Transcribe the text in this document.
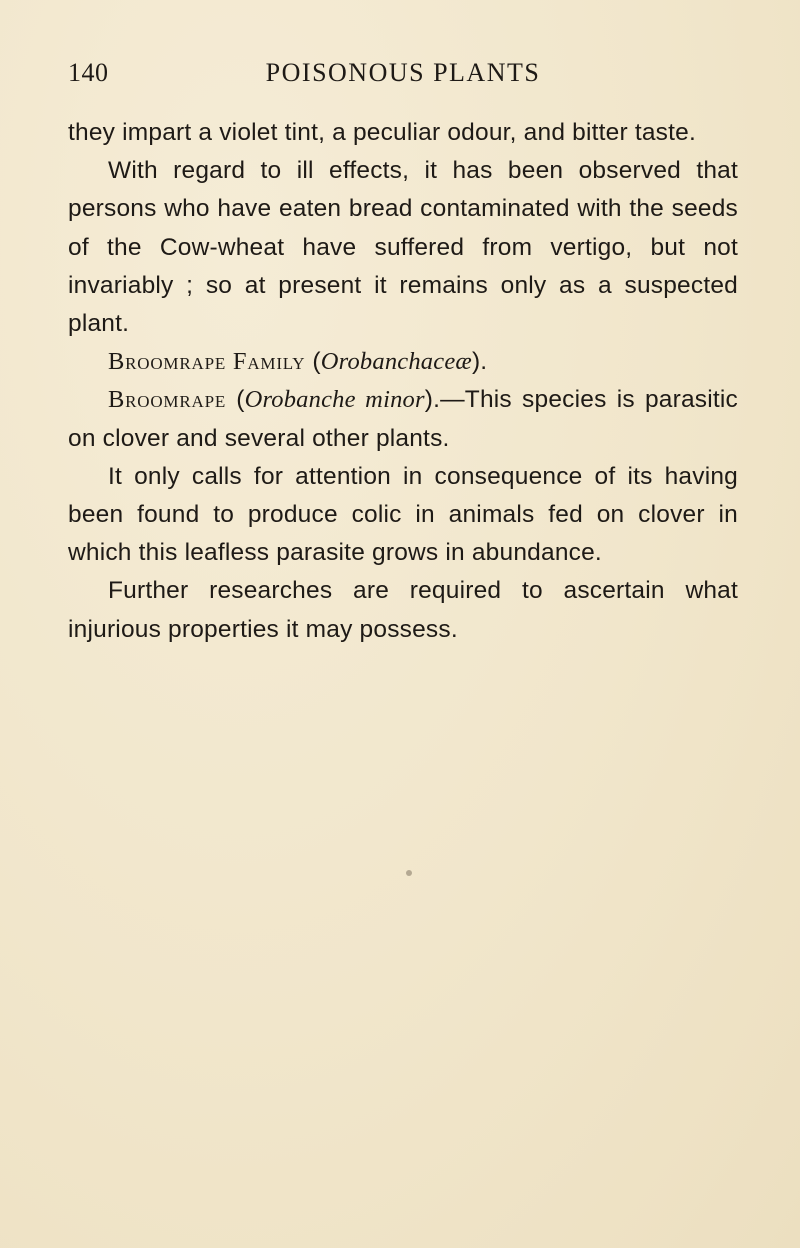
140	POISONOUS PLANTS

they impart a violet tint, a peculiar odour, and bitter taste.

With regard to ill effects, it has been observed that persons who have eaten bread contaminated with the seeds of the Cow-wheat have suffered from vertigo, but not invariably ; so at present it remains only as a suspected plant.

Broomrape Family (Orobanchaceæ).

Broomrape (Orobanche minor).—This species is parasitic on clover and several other plants.

It only calls for attention in consequence of its having been found to produce colic in animals fed on clover in which this leafless parasite grows in abundance.

Further researches are required to ascertain what injurious properties it may possess.
